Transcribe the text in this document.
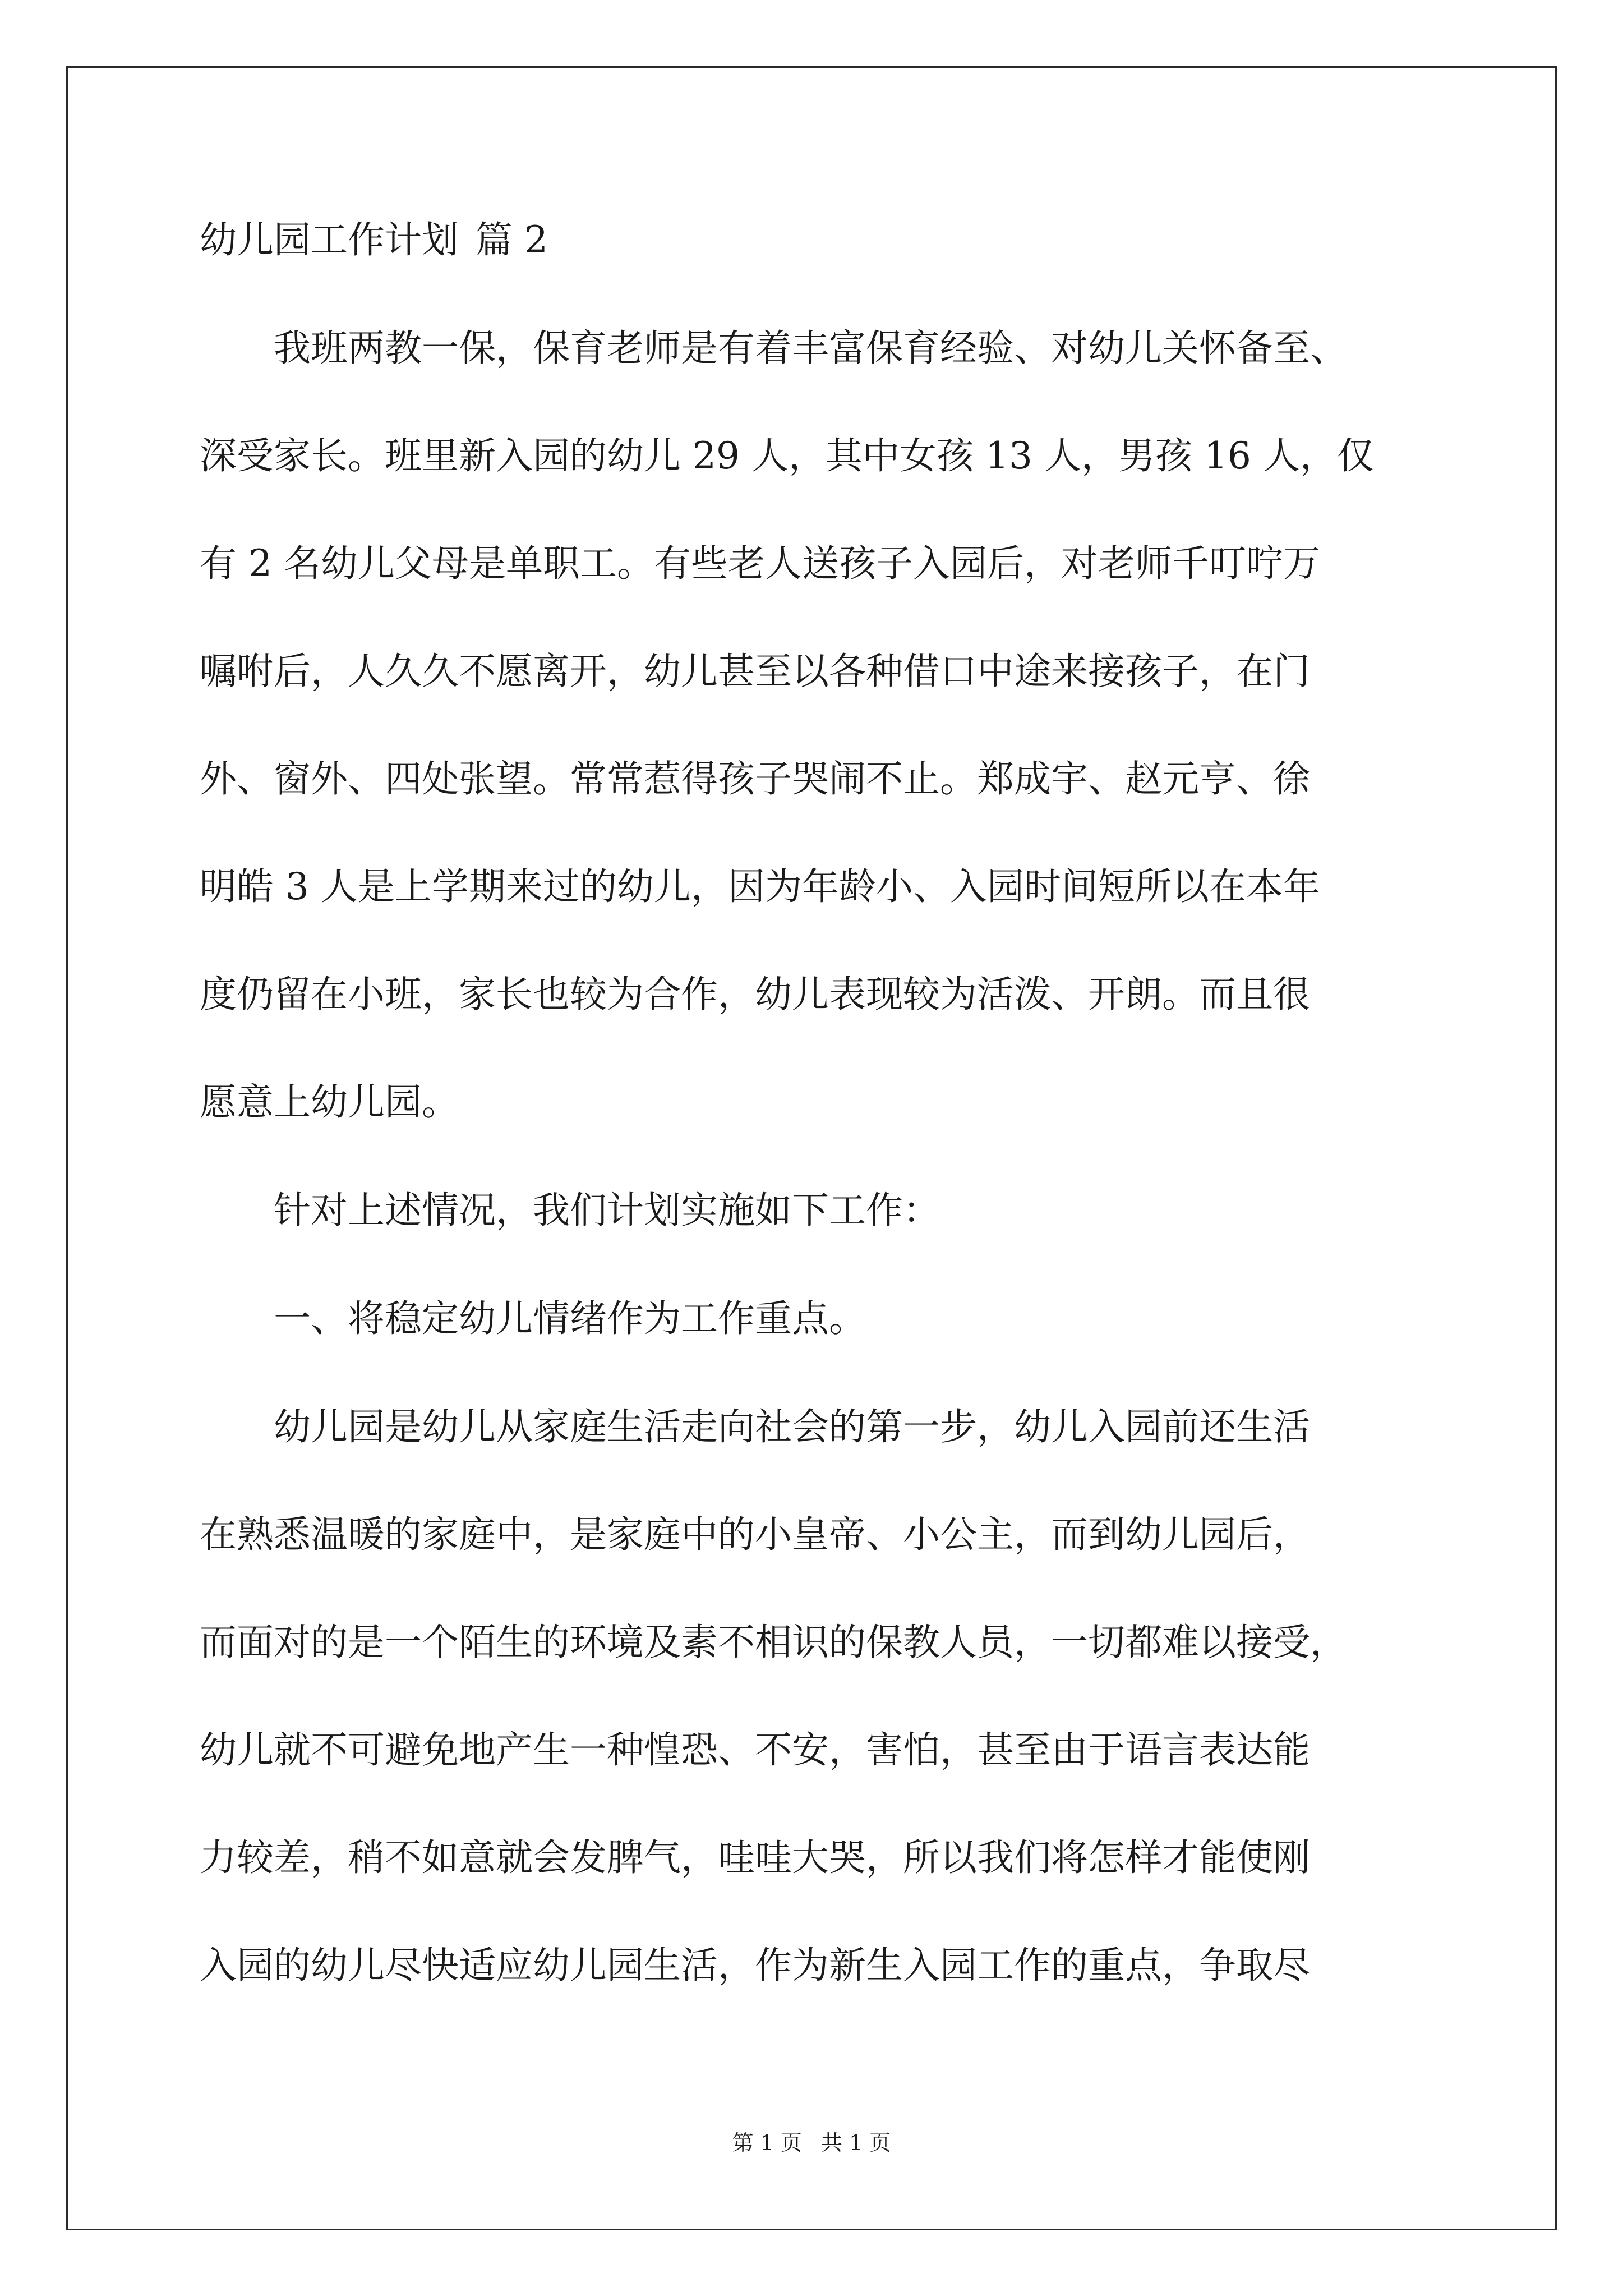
幼儿园工作计划 篇 2

我班两教一保，保育老师是有着丰富保育经验、对幼儿关怀备至、

深受家长。班里新入园的幼儿 29 人，其中女孩 13 人，男孩 16 人，仅

有 2 名幼儿父母是单职工。有些老人送孩子入园后，对老师千叮咛万

嘱咐后，人久久不愿离开，幼儿甚至以各种借口中途来接孩子，在门

外、窗外、四处张望。常常惹得孩子哭闹不止。郑成宇、赵元亨、徐

明皓 3 人是上学期来过的幼儿，因为年龄小、入园时间短所以在本年

度仍留在小班，家长也较为合作，幼儿表现较为活泼、开朗。而且很

愿意上幼儿园。

针对上述情况，我们计划实施如下工作：

一、将稳定幼儿情绪作为工作重点。

幼儿园是幼儿从家庭生活走向社会的第一步，幼儿入园前还生活

在熟悉温暖的家庭中，是家庭中的小皇帝、小公主，而到幼儿园后，

而面对的是一个陌生的环境及素不相识的保教人员，一切都难以接受，

幼儿就不可避免地产生一种惶恐、不安，害怕，甚至由于语言表达能

力较差，稍不如意就会发脾气，哇哇大哭，所以我们将怎样才能使刚

入园的幼儿尽快适应幼儿园生活，作为新生入园工作的重点，争取尽

第 1 页 共 1 页
